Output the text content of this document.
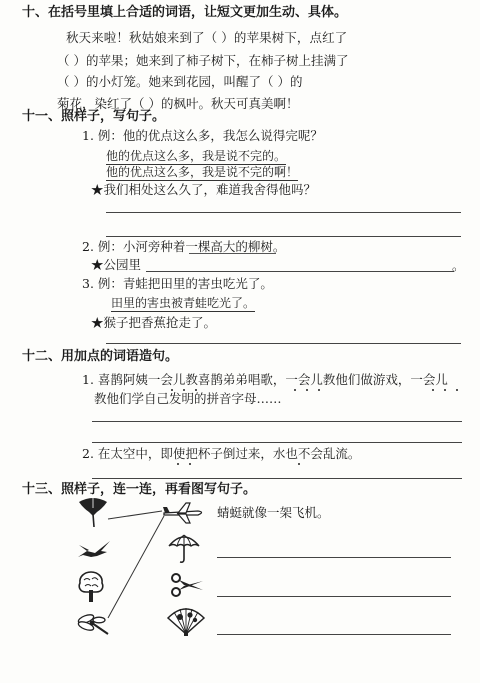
十、在括号里填上合适的词语，让短文更加生动、具体。
秋天来啦！秋姑娘来到了（ ）的苹果树下，点红了
（ ）的苹果；她来到了柿子树下，在柿子树上挂满了
（ ）的小灯笼。她来到花园，叫醒了（ ）的
菊花，染红了（ ）的枫叶。秋天可真美啊！
十一、照样子，写句子。
1. 例：他的优点这么多，我怎么说得完呢？
他的优点这么多，我是说不完的。
他的优点这么多，我是说不完的啊！
★我们相处这么久了，难道我舍得他吗？
2. 例：小河旁种着一棵高大的柳树。
★公园里	。
3. 例：青蛙把田里的害虫吃光了。
田里的害虫被青蛙吃光了。
★猴子把香蕉抢走了。
十二、用加点的词语造句。
1. 喜鹊阿姨一会儿教喜鹊弟弟唱歌，一会儿教他们做游戏，一会儿
教他们学自己发明的拼音字母……
2. 在太空中，即使把杯子倒过来，水也不会乱流。
十三、照样子，连一连，再看图写句子。
蜻蜓就像一架飞机。
